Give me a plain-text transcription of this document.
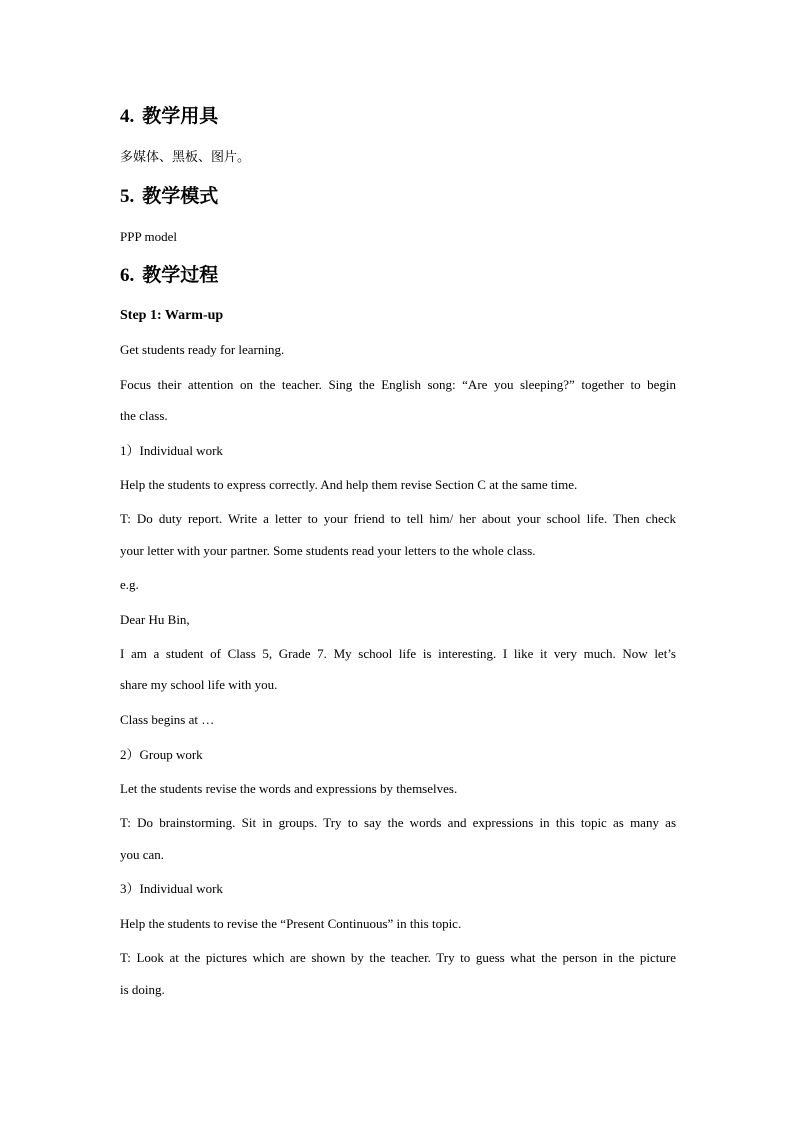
4. 教学用具
多媒体、黑板、图片。
5. 教学模式
PPP model
6. 教学过程
Step 1: Warm-up
Get students ready for learning.
Focus their attention on the teacher. Sing the English song: “Are you sleeping?” together to begin
the class.
1）Individual work
Help the students to express correctly. And help them revise Section C at the same time.
T: Do duty report. Write a letter to your friend to tell him/ her about your school life. Then check
your letter with your partner. Some students read your letters to the whole class.
e.g.
Dear Hu Bin,
I am a student of Class 5, Grade 7. My school life is interesting. I like it very much. Now let’s
share my school life with you.
Class begins at …
2）Group work
Let the students revise the words and expressions by themselves.
T: Do brainstorming. Sit in groups. Try to say the words and expressions in this topic as many as
you can.
3）Individual work
Help the students to revise the “Present Continuous” in this topic.
T: Look at the pictures which are shown by the teacher. Try to guess what the person in the picture
is doing.
